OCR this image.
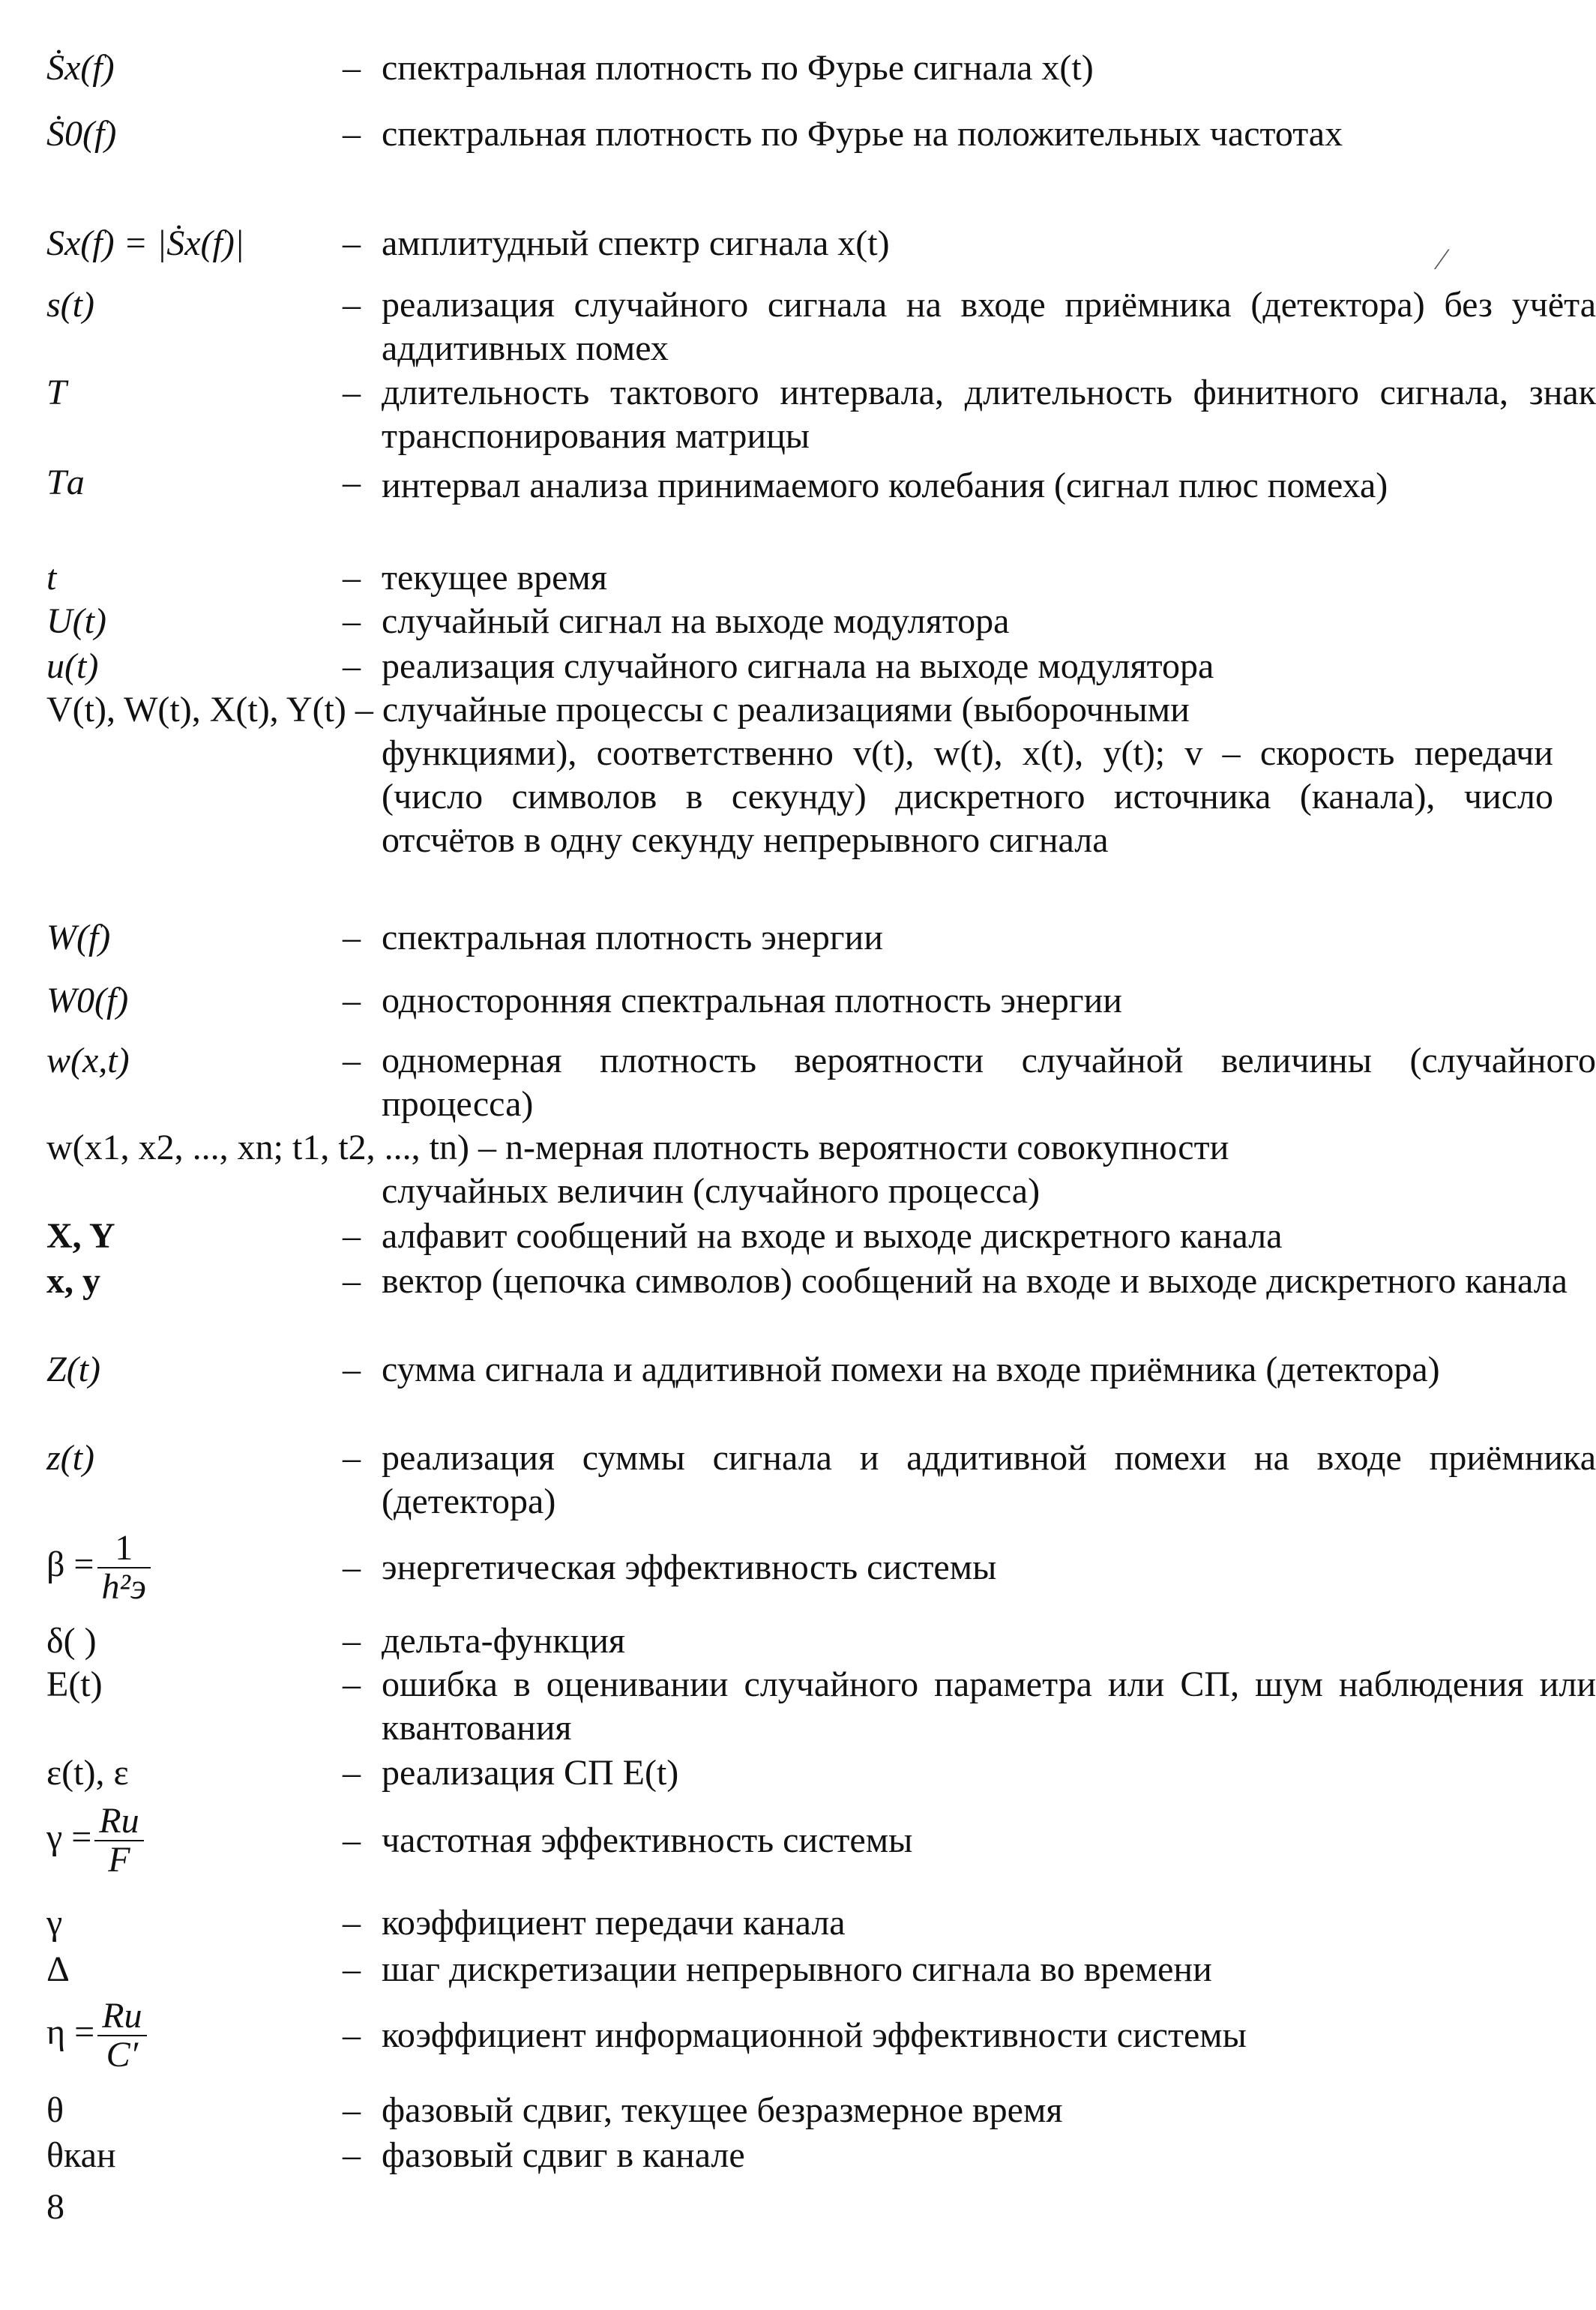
Ṡx(f)	– спектральная плотность по Фурье сигнала x(t)
Ṡ0(f)	– спектральная плотность по Фурье на положительных частотах
Sx(f) = |Ṡx(f)|	– амплитудный спектр сигнала x(t)
s(t)	– реализация случайного сигнала на входе приёмника (детектора) без учёта аддитивных помех
T	– длительность тактового интервала, длительность финитного сигнала, знак транспонирования матрицы
Tа	– интервал анализа принимаемого колебания (сигнал плюс помеха)
t	– текущее время
U(t)	– случайный сигнал на выходе модулятора
u(t)	– реализация случайного сигнала на выходе модулятора
V(t), W(t), X(t), Y(t) – случайные процессы с реализациями (выборочными
функциями), соответственно v(t), w(t), x(t), y(t); v – скорость передачи (число символов в секунду) дискретного источника (канала), число отсчётов в одну секунду непрерывного сигнала
W(f)	– спектральная плотность энергии
W0(f)	– односторонняя спектральная плотность энергии
w(x,t)	– одномерная плотность вероятности случайной величины (случайного процесса)
w(x1, x2, ..., xn; t1, t2, ..., tn) – n-мерная плотность вероятности совокупности
случайных величин (случайного процесса)
X, Y	– алфавит сообщений на входе и выходе дискретного канала
x, y	– вектор (цепочка символов) сообщений на входе и выходе дискретного канала
Z(t)	– сумма сигнала и аддитивной помехи на входе приёмника (детектора)
z(t)	– реализация суммы сигнала и аддитивной помехи на входе приёмника (детектора)
$\beta = \frac{1}{\text{h²э}}$	– энергетическая эффективность системы
δ( )	– дельта-функция
Ε(t)	– ошибка в оценивании случайного параметра или СП, шум наблюдения или квантования
ε(t), ε	– реализация СП Ε(t)
$\gamma = \frac{Rи}{F}$	– частотная эффективность системы
γ	– коэффициент передачи канала
Δ	– шаг дискретизации непрерывного сигнала во времени
$\eta = \frac{Rи}{C'}$	– коэффициент информационной эффективности системы
θ	– фазовый сдвиг, текущее безразмерное время
θкан	– фазовый сдвиг в канале
8
⁄
